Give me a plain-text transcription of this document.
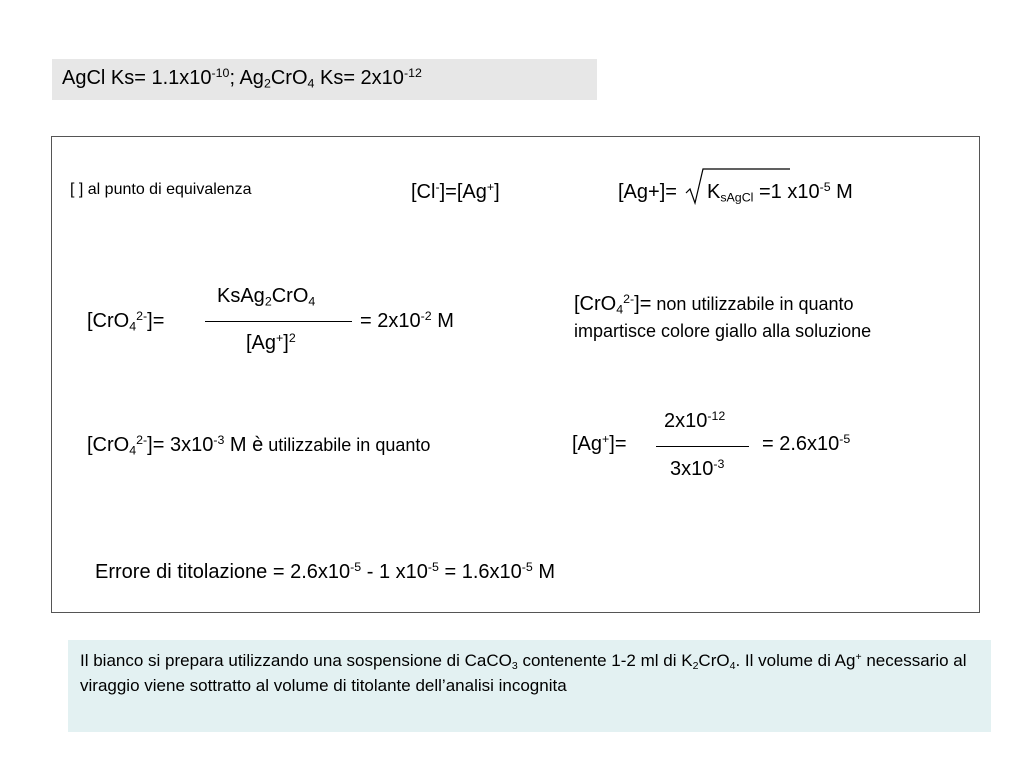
AgCl $Ks= 1.1x10^{-10}$; $Ag_2CrO_4$ $Ks= 2x10^{-12}$
[ ] al punto di equivalenza	[Cl-]=[Ag+]	$[Ag+]= K_{sAgCl} =1$ $x10^{-5}$ M
[CrO$_4^{2-}$]=
KsAg$_2$CrO$_4$
$[Ag^+]^2$
= $2x10^{-2}$ M
[CrO$_4^{2-}$]= non utilizzabile in quanto
impartisce colore giallo alla soluzione
$[CrO_4^{2-}]= 3x10^{-3}$ M è utilizzabile in quanto	[Ag+]=
$2x10^{-12}$
$3x10^{-3}$
= $2.6x10^{-5}$
Errore di titolazione = $2.6x10^{-5} - 1$ $x10^{-5} = 1.6x10^{-5}$ M
Il bianco si prepara utilizzando una sospensione di CaCO$_3$ contenente 1-2 ml di $K_2CrO_4$. Il volume di Ag+ necessario al viraggio viene sottratto al volume di titolante dell’analisi incognita
